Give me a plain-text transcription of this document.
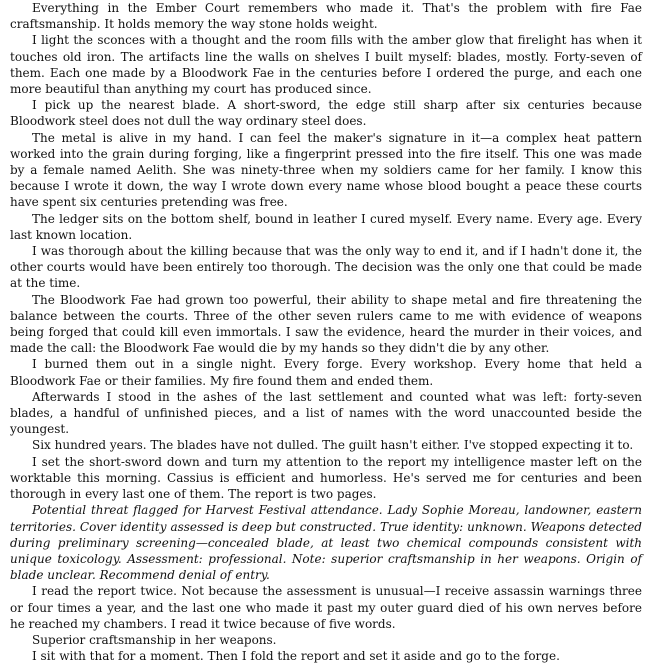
Everything in the Ember Court remembers who made it. That's the problem with fire Fae craftsmanship. It holds memory the way stone holds weight.

I light the sconces with a thought and the room fills with the amber glow that firelight has when it touches old iron. The artifacts line the walls on shelves I built myself: blades, mostly. Forty-seven of them. Each one made by a Bloodwork Fae in the centuries before I ordered the purge, and each one more beautiful than anything my court has produced since.

I pick up the nearest blade. A short-sword, the edge still sharp after six centuries because Bloodwork steel does not dull the way ordinary steel does.

The metal is alive in my hand. I can feel the maker's signature in it—a complex heat pattern worked into the grain during forging, like a fingerprint pressed into the fire itself. This one was made by a female named Aelith. She was ninety-three when my soldiers came for her family. I know this because I wrote it down, the way I wrote down every name whose blood bought a peace these courts have spent six centuries pretending was free.

The ledger sits on the bottom shelf, bound in leather I cured myself. Every name. Every age. Every last known location.

I was thorough about the killing because that was the only way to end it, and if I hadn't done it, the other courts would have been entirely too thorough. The decision was the only one that could be made at the time.

The Bloodwork Fae had grown too powerful, their ability to shape metal and fire threatening the balance between the courts. Three of the other seven rulers came to me with evidence of weapons being forged that could kill even immortals. I saw the evidence, heard the murder in their voices, and made the call: the Bloodwork Fae would die by my hands so they didn't die by any other.

I burned them out in a single night. Every forge. Every workshop. Every home that held a Bloodwork Fae or their families. My fire found them and ended them.

Afterwards I stood in the ashes of the last settlement and counted what was left: forty-seven blades, a handful of unfinished pieces, and a list of names with the word unaccounted beside the youngest.

Six hundred years. The blades have not dulled. The guilt hasn't either. I've stopped expecting it to.

I set the short-sword down and turn my attention to the report my intelligence master left on the worktable this morning. Cassius is efficient and humorless. He's served me for centuries and been thorough in every last one of them. The report is two pages.

Potential threat flagged for Harvest Festival attendance. Lady Sophie Moreau, landowner, eastern territories. Cover identity assessed is deep but constructed. True identity: unknown. Weapons detected during preliminary screening—concealed blade, at least two chemical compounds consistent with unique toxicology. Assessment: professional. Note: superior craftsmanship in her weapons. Origin of blade unclear. Recommend denial of entry.

I read the report twice. Not because the assessment is unusual—I receive assassin warnings three or four times a year, and the last one who made it past my outer guard died of his own nerves before he reached my chambers. I read it twice because of five words.

Superior craftsmanship in her weapons.

I sit with that for a moment. Then I fold the report and set it aside and go to the forge.
